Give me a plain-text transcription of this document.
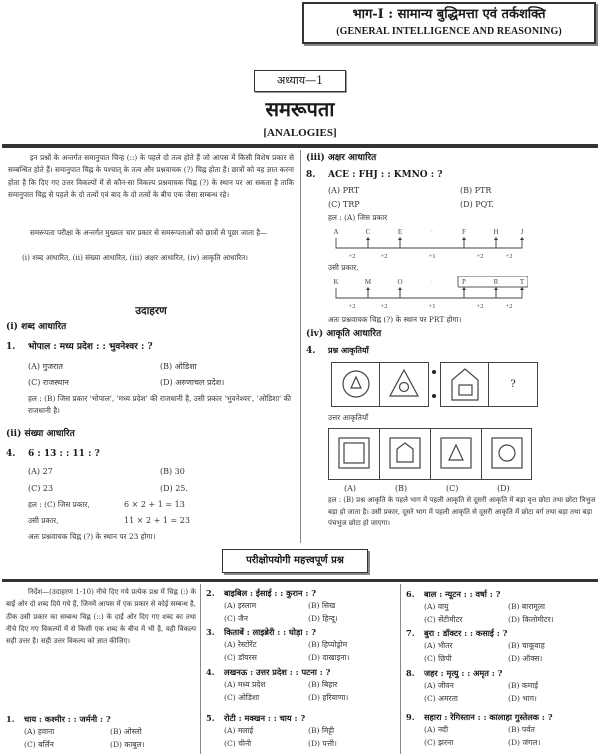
भाग-I : सामान्य बुद्धिमत्ता एवं तर्कशक्ति
(GENERAL INTELLIGENCE AND REASONING)
अध्याय—1
समरूपता
[ANALOGIES]
इन प्रश्नों के अन्तर्गत समानुपात चिन्ह (::) के पहले दो तत्व होते हैं जो आपस में किसी विशेष प्रकार से सम्बन्धित होते हैं। समानुपात चिह्न के पश्चात् के तत्व और प्रश्नवाचक (?) चिह्न होता है। छात्रों को यह ज्ञात करना होता है कि दिए गए उत्तर विकल्पों में से कौन-सा विकल्प प्रश्नवाचक चिह्न (?) के स्थान पर आ सकता है ताकि समानुपात चिह्न से पहले के दो तत्वों एवं बाद के दो तत्वों के बीच एक जैसा सम्बन्ध रहे।
समरूपता परीक्षा के अन्तर्गत मुख्यतः चार प्रकार से समरूपताओं को छात्रों से पूछा जाता है—
(i) शब्द आधारित, (ii) संख्या आधारित, (iii) अक्षर आधारित, (iv) आकृति आधारित।
उदाहरण
(i) शब्द आधारित
1. भोपाल : मध्य प्रदेश : : भुवनेश्वर : ?
(A) गुजरात	(B) ओडिशा
(C) राजस्थान	(D) अरुणाचल प्रदेश।
हल : (B) जिस प्रकार 'भोपाल', 'मध्य प्रदेश' की राजधानी है, उसी प्रकार 'भुवनेश्वर', 'ओडिशा' की राजधानी है।
(ii) संख्या आधारित
4. 6 : 13 : : 11 : ?
(A) 27	(B) 30
(C) 23	(D) 25.
हल : (C) जिस प्रकार,	6 × 2 + 1 = 13
उसी प्रकार,	11 × 2 + 1 = 23
अतः प्रश्नवाचक चिह्न (?) के स्थान पर 23 होगा।
(iii) अक्षर आधारित
8. ACE : FHJ : : KMNO : ?
(A) PRT	(B) PTR
(C) TRP	(D) PQT.
हल : (A) जिस प्रकार
A	C	E	F	H	J
·
+2	+2	+1	+2	+2
उसी प्रकार,
K	M	O	P	R	T
·
+2	+2	+1	+2	+2
अतः प्रश्नवाचक चिह्न (?) के स्थान पर PRT होगा।
(iv) आकृति आधारित
4. प्रश्न आकृतियाँ
?
उत्तर आकृतियाँ
(A)	(B)	(C)	(D)
हल : (B) प्रश्न आकृति के पहले भाग में पहली आकृति से दूसरी आकृति में बड़ा वृत्त छोटा तथा छोटा त्रिभुज बड़ा हो जाता है। उसी प्रकार, दूसरे भाग में पहली आकृति से दूसरी आकृति में छोटा वर्ग तथा बड़ा तथा बड़ा पंचभुज छोटा हो जाएगा।
परीक्षोपयोगी महत्त्वपूर्ण प्रश्न
निर्देश—(उदाहरण 1-10) नीचे दिए गये प्रत्येक प्रश्न में चिह्न (:) के बाईं ओर दो शब्द दिये गये हैं, जिनमें आपस में एक प्रकार से कोई सम्बन्ध है, ठीक उसी प्रकार का सम्बन्ध चिह्न (::) के दाईं ओर दिए गए शब्द का तथा नीचे दिए गए विकल्पों में से किसी एक शब्द के बीच में भी है, वही विकल्प सही उत्तर है। सही उत्तर विकल्प को ज्ञात कीजिए।
1. चाय : कश्मीर : : जर्मनी : ?
(A) हवाना	(B) ओस्लो
(C) बर्लिन	(D) काबुल।
2. बाइबिल : ईसाई : : कुरान : ?
(A) इस्लाम	(B) सिख
(C) जैन	(D) हिन्दू।
3. किताबें : लाइब्रेरी : : घोड़ा : ?
(A) रेस्टोरेंट	(B) हिप्पोड्रोम
(C) डॉयरस	(D) दाखाइना।
4. लखनऊ : उत्तर प्रदेश : : पटना : ?
(A) मध्य प्रदेश	(B) बिहार
(C) ओडिशा	(D) हरियाणा।
5. रोटी : मक्खन : : चाय : ?
(A) मलाई	(B) मिट्टी
(C) चीनी	(D) पत्ती।
6. बाल : न्यूटन : : वर्षा : ?
(A) वायु	(B) बारामूला
(C) सेंटीमीटर	(D) किलोमीटर।
7. बुरा : डॉक्टर : : कसाई : ?
(A) भीतर	(B) चाकूवाह
(C) छिपी	(D) ऑक्स।
8. जहर : मृत्यु : : अमृत : ?
(A) जीवन	(B) कमाई
(C) अमरता	(D) भाग।
9. सहारा : रेगिस्तान : : कालाहा गुस्तेलक : ?
(A) नदी	(B) पर्वत
(C) झरना	(D) जंगल।
